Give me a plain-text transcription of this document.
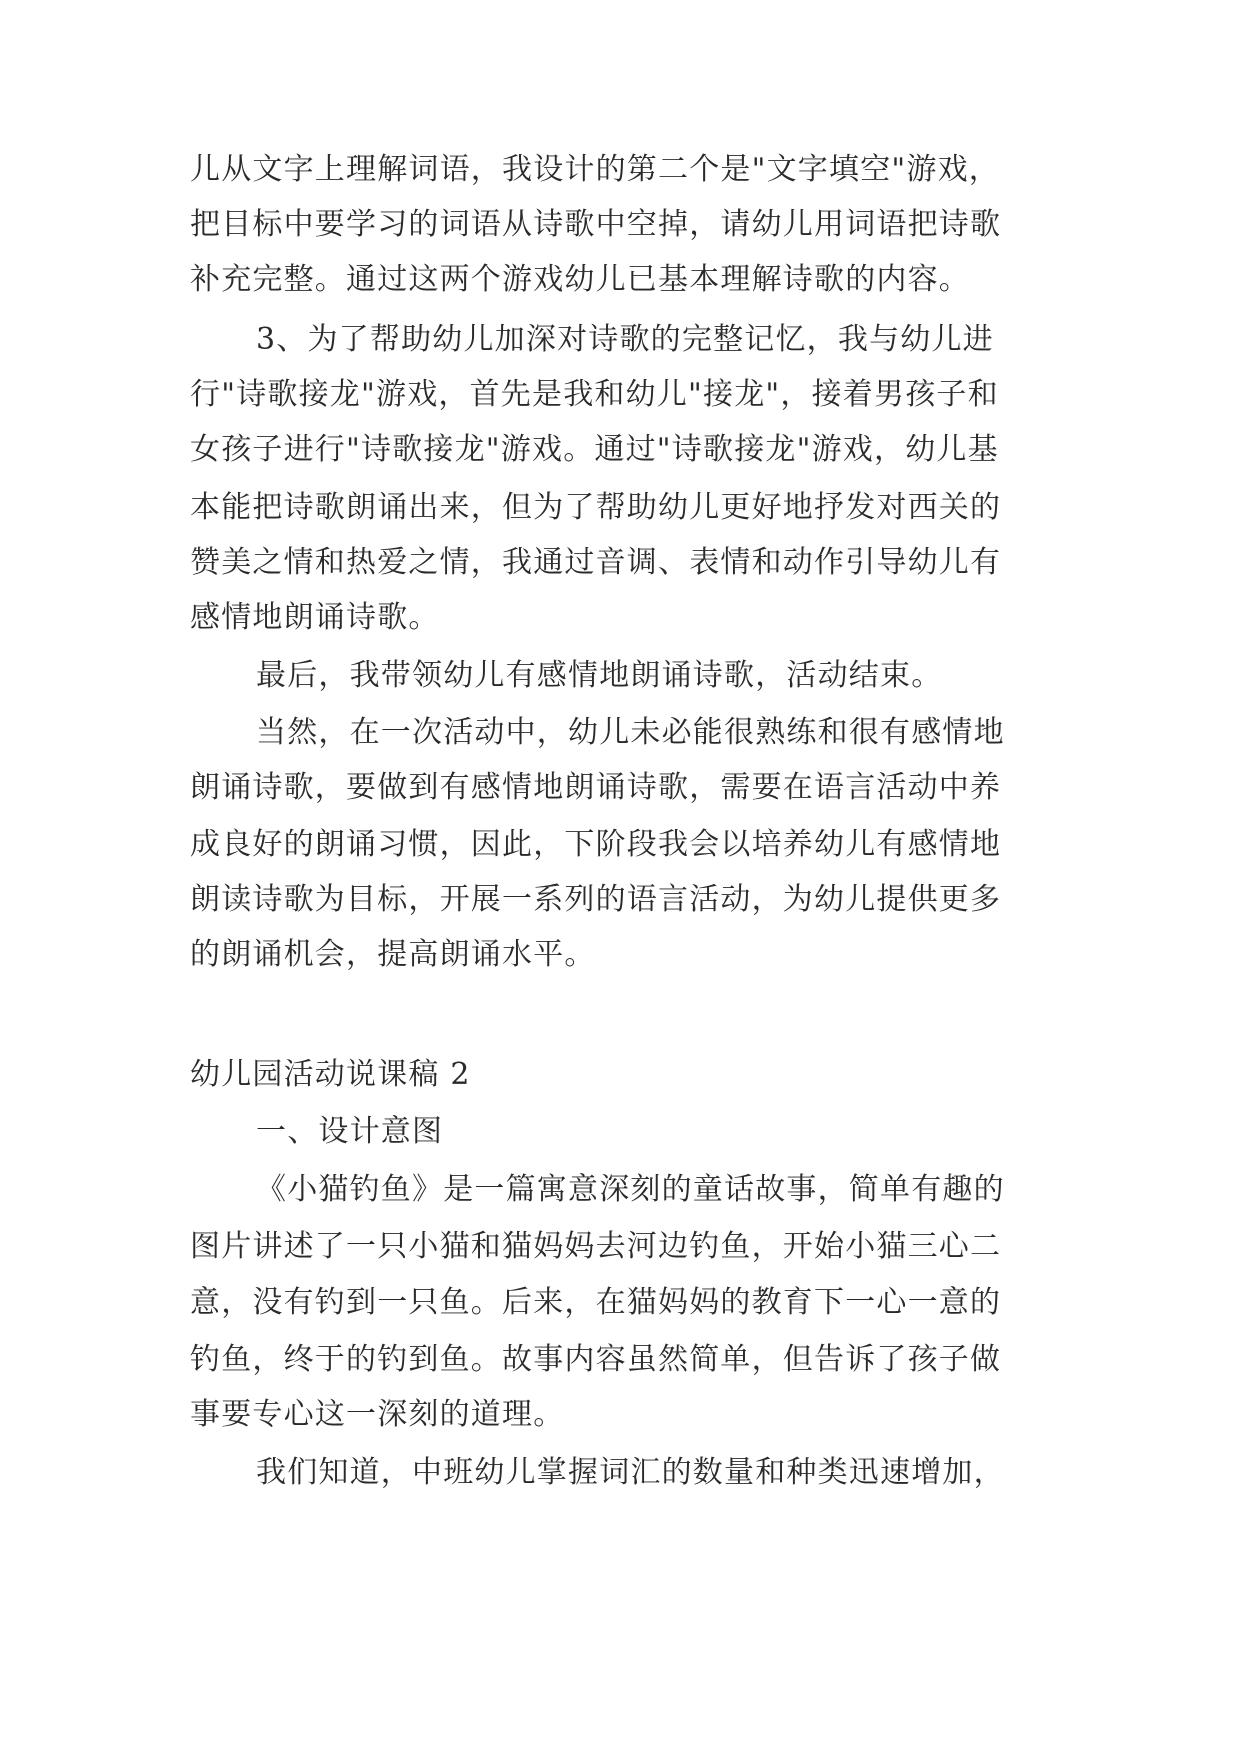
儿从文字上理解词语，我设计的第二个是"文字填空"游戏，
把目标中要学习的词语从诗歌中空掉，请幼儿用词语把诗歌
补充完整。通过这两个游戏幼儿已基本理解诗歌的内容。
3、为了帮助幼儿加深对诗歌的完整记忆，我与幼儿进
行"诗歌接龙"游戏，首先是我和幼儿"接龙"，接着男孩子和
女孩子进行"诗歌接龙"游戏。通过"诗歌接龙"游戏，幼儿基
本能把诗歌朗诵出来，但为了帮助幼儿更好地抒发对西关的
赞美之情和热爱之情，我通过音调、表情和动作引导幼儿有
感情地朗诵诗歌。
最后，我带领幼儿有感情地朗诵诗歌，活动结束。
当然，在一次活动中，幼儿未必能很熟练和很有感情地
朗诵诗歌，要做到有感情地朗诵诗歌，需要在语言活动中养
成良好的朗诵习惯，因此，下阶段我会以培养幼儿有感情地
朗读诗歌为目标，开展一系列的语言活动，为幼儿提供更多
的朗诵机会，提高朗诵水平。
幼儿园活动说课稿 2
一、设计意图
《小猫钓鱼》是一篇寓意深刻的童话故事，简单有趣的
图片讲述了一只小猫和猫妈妈去河边钓鱼，开始小猫三心二
意，没有钓到一只鱼。后来，在猫妈妈的教育下一心一意的
钓鱼，终于的钓到鱼。故事内容虽然简单，但告诉了孩子做
事要专心这一深刻的道理。
我们知道，中班幼儿掌握词汇的数量和种类迅速增加，
